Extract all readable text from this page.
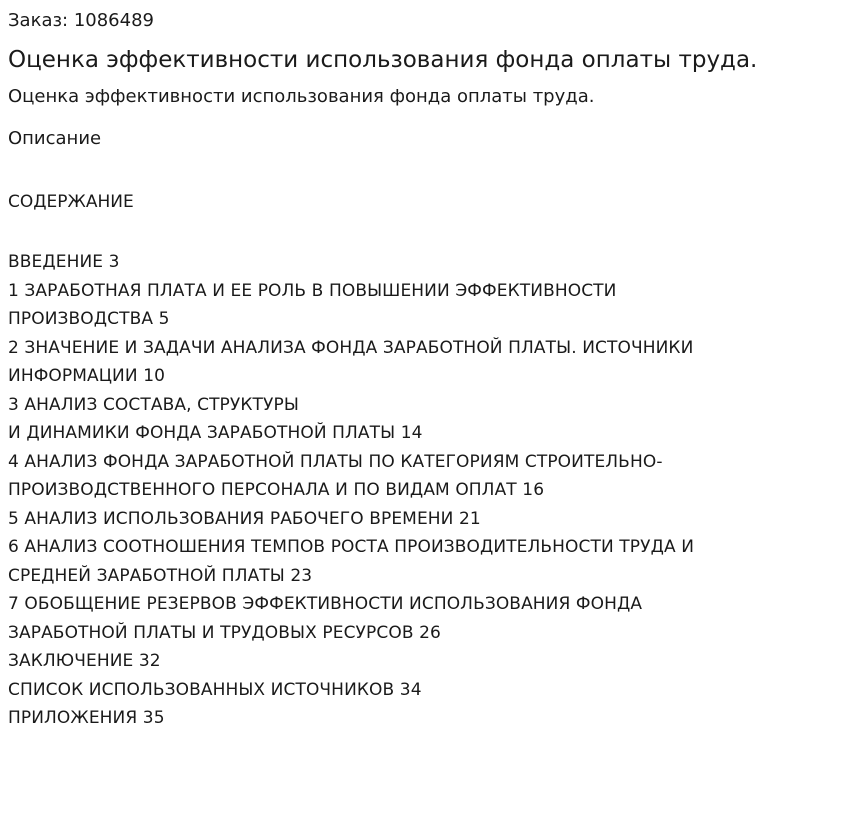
Заказ: 1086489

Оценка эффективности использования фонда оплаты труда.

Оценка эффективности использования фонда оплаты труда.

Описание

СОДЕРЖАНИЕ

ВВЕДЕНИЕ 3
1 ЗАРАБОТНАЯ ПЛАТА И ЕЕ РОЛЬ В ПОВЫШЕНИИ ЭФФЕКТИВНОСТИ
ПРОИЗВОДСТВА 5
2 ЗНАЧЕНИЕ И ЗАДАЧИ АНАЛИЗА ФОНДА ЗАРАБОТНОЙ ПЛАТЫ. ИСТОЧНИКИ
ИНФОРМАЦИИ 10
3 АНАЛИЗ СОСТАВА, СТРУКТУРЫ
И ДИНАМИКИ ФОНДА ЗАРАБОТНОЙ ПЛАТЫ 14
4 АНАЛИЗ ФОНДА ЗАРАБОТНОЙ ПЛАТЫ ПО КАТЕГОРИЯМ СТРОИТЕЛЬНО-
ПРОИЗВОДСТВЕННОГО ПЕРСОНАЛА И ПО ВИДАМ ОПЛАТ 16
5 АНАЛИЗ ИСПОЛЬЗОВАНИЯ РАБОЧЕГО ВРЕМЕНИ 21
6 АНАЛИЗ СООТНОШЕНИЯ ТЕМПОВ РОСТА ПРОИЗВОДИТЕЛЬНОСТИ ТРУДА И
СРЕДНЕЙ ЗАРАБОТНОЙ ПЛАТЫ 23
7 ОБОБЩЕНИЕ РЕЗЕРВОВ ЭФФЕКТИВНОСТИ ИСПОЛЬЗОВАНИЯ ФОНДА
ЗАРАБОТНОЙ ПЛАТЫ И ТРУДОВЫХ РЕСУРСОВ 26
ЗАКЛЮЧЕНИЕ 32
СПИСОК ИСПОЛЬЗОВАННЫХ ИСТОЧНИКОВ 34
ПРИЛОЖЕНИЯ 35
